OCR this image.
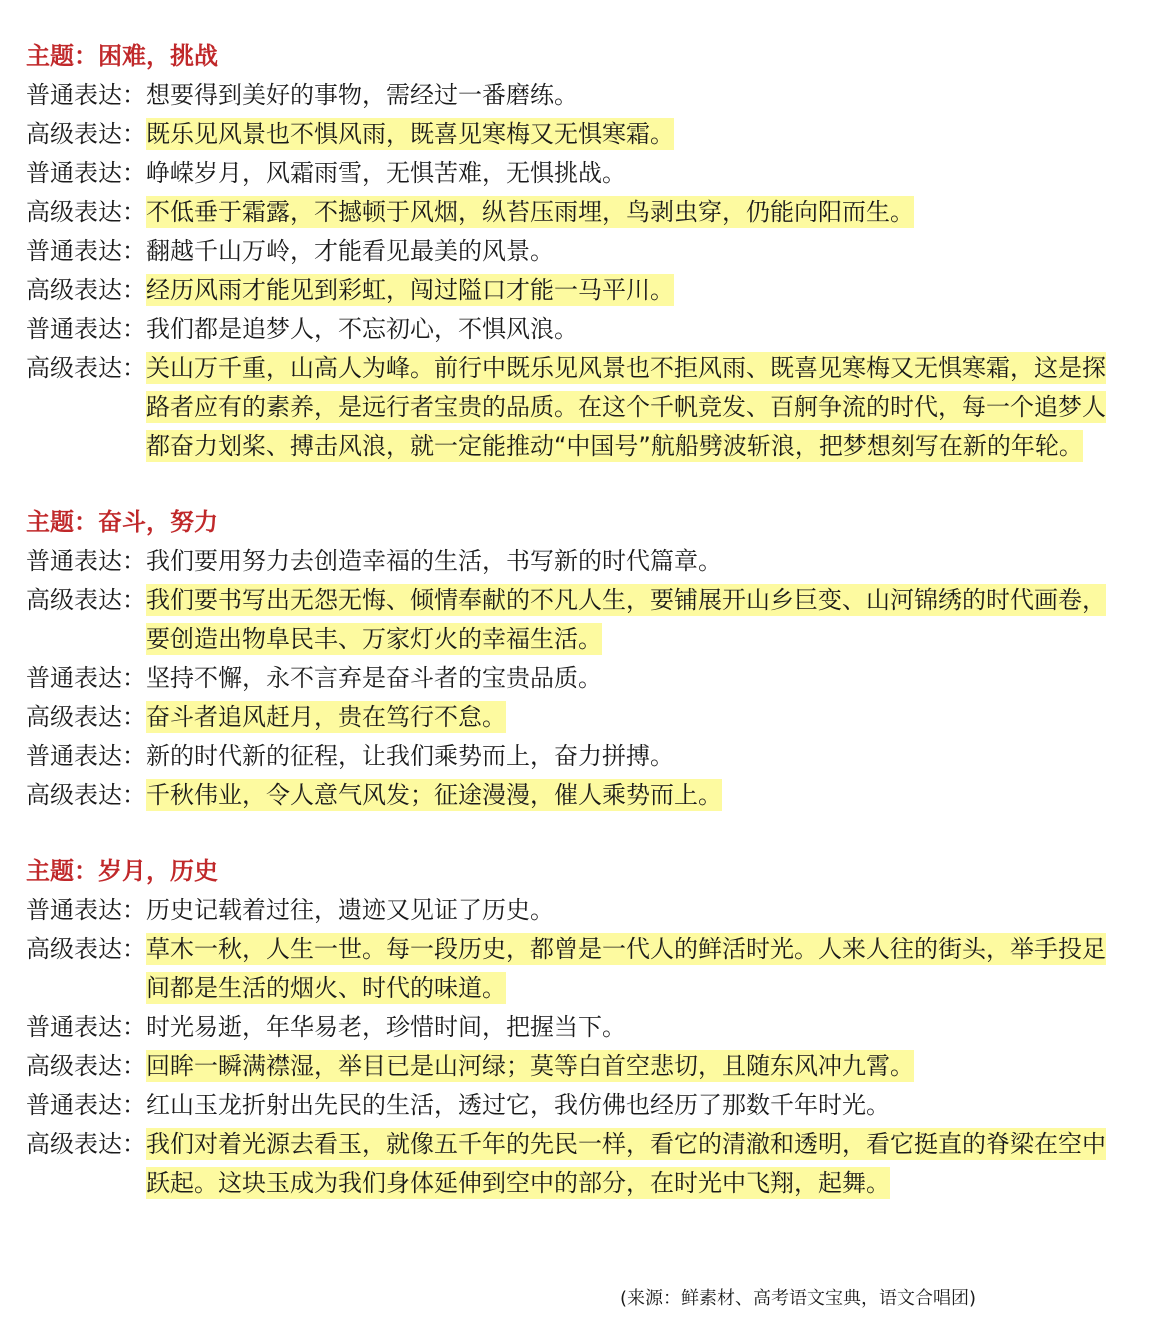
主题：困难，挑战
普通表达： 想要得到美好的事物，需经过一番磨练。
高级表达： 既乐见风景也不惧风雨，既喜见寒梅又无惧寒霜。
普通表达： 峥嵘岁月，风霜雨雪，无惧苦难，无惧挑战。
高级表达： 不低垂于霜露，不撼顿于风烟，纵苔压雨埋，鸟剥虫穿，仍能向阳而生。
普通表达： 翻越千山万岭，才能看见最美的风景。
高级表达： 经历风雨才能见到彩虹，闯过隘口才能一马平川。
普通表达： 我们都是追梦人，不忘初心，不惧风浪。
高级表达： 关山万千重，山高人为峰。前行中既乐见风景也不拒风雨、既喜见寒梅又无惧寒霜，这是探路者应有的素养，是远行者宝贵的品质。在这个千帆竞发、百舸争流的时代，每一个追梦人都奋力划桨、搏击风浪，就一定能推动“中国号”航船劈波斩浪，把梦想刻写在新的年轮。
主题：奋斗，努力
普通表达： 我们要用努力去创造幸福的生活，书写新的时代篇章。
高级表达： 我们要书写出无怨无悔、倾情奉献的不凡人生，要铺展开山乡巨变、山河锦绣的时代画卷，要创造出物阜民丰、万家灯火的幸福生活。
普通表达： 坚持不懈，永不言弃是奋斗者的宝贵品质。
高级表达： 奋斗者追风赶月，贵在笃行不怠。
普通表达： 新的时代新的征程，让我们乘势而上，奋力拼搏。
高级表达： 千秋伟业，令人意气风发；征途漫漫，催人乘势而上。
主题：岁月，历史
普通表达： 历史记载着过往，遗迹又见证了历史。
高级表达： 草木一秋，人生一世。每一段历史，都曾是一代人的鲜活时光。人来人往的街头，举手投足间都是生活的烟火、时代的味道。
普通表达： 时光易逝，年华易老，珍惜时间，把握当下。
高级表达： 回眸一瞬满襟湿，举目已是山河绿；莫等白首空悲切，且随东风冲九霄。
普通表达： 红山玉龙折射出先民的生活，透过它，我仿佛也经历了那数千年时光。
高级表达： 我们对着光源去看玉，就像五千年的先民一样，看它的清澈和透明，看它挺直的脊梁在空中跃起。这块玉成为我们身体延伸到空中的部分，在时光中飞翔，起舞。
(来源：鲜素材、高考语文宝典，语文合唱团)
